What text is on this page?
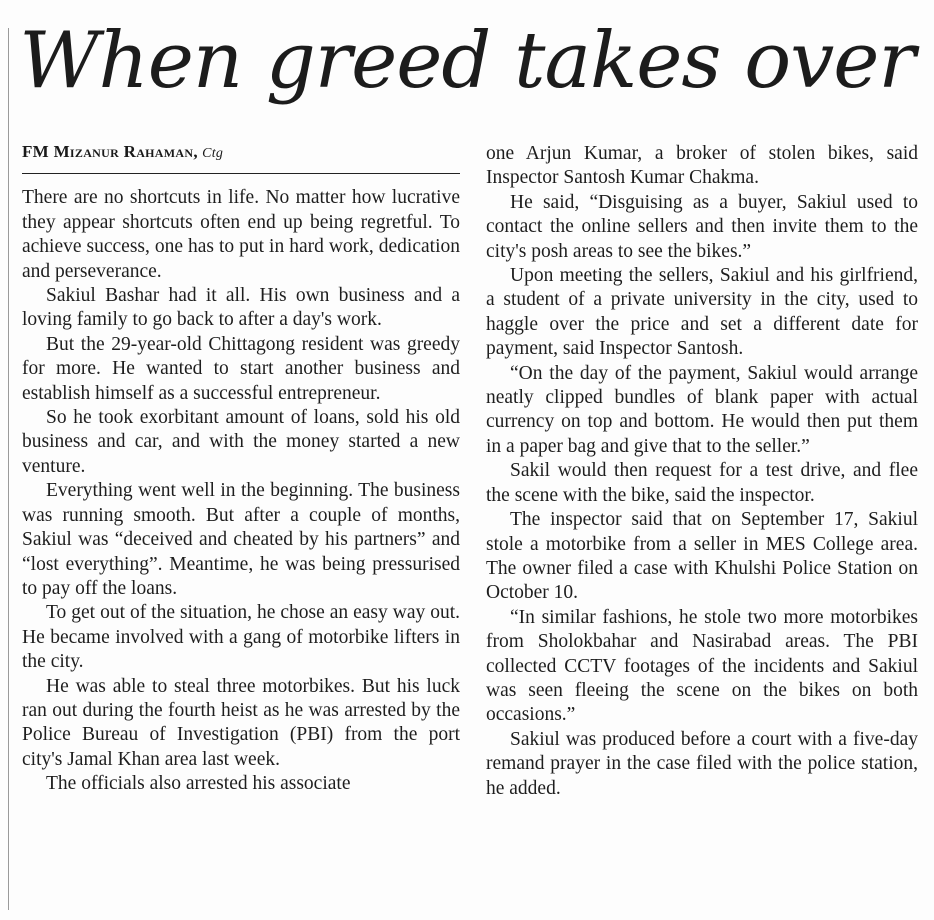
When greed takes over
FM Mizanur Rahaman, Ctg

There are no shortcuts in life. No matter how lucrative they appear shortcuts often end up being regretful. To achieve success, one has to put in hard work, dedication and perseverance.

Sakiul Bashar had it all. His own business and a loving family to go back to after a day's work.

But the 29-year-old Chittagong resident was greedy for more. He wanted to start another business and establish himself as a successful entrepreneur.

So he took exorbitant amount of loans, sold his old business and car, and with the money started a new venture.

Everything went well in the beginning. The business was running smooth. But after a couple of months, Sakiul was “deceived and cheated by his partners” and “lost everything”. Meantime, he was being pressurised to pay off the loans.

To get out of the situation, he chose an easy way out. He became involved with a gang of motorbike lifters in the city.

He was able to steal three motorbikes. But his luck ran out during the fourth heist as he was arrested by the Police Bureau of Investigation (PBI) from the port city's Jamal Khan area last week.

The officials also arrested his associate

one Arjun Kumar, a broker of stolen bikes, said Inspector Santosh Kumar Chakma.

He said, “Disguising as a buyer, Sakiul used to contact the online sellers and then invite them to the city's posh areas to see the bikes.”

Upon meeting the sellers, Sakiul and his girlfriend, a student of a private university in the city, used to haggle over the price and set a different date for payment, said Inspector Santosh.

“On the day of the payment, Sakiul would arrange neatly clipped bundles of blank paper with actual currency on top and bottom. He would then put them in a paper bag and give that to the seller.”

Sakil would then request for a test drive, and flee the scene with the bike, said the inspector.

The inspector said that on September 17, Sakiul stole a motorbike from a seller in MES College area. The owner filed a case with Khulshi Police Station on October 10.

“In similar fashions, he stole two more motorbikes from Sholokbahar and Nasirabad areas. The PBI collected CCTV footages of the incidents and Sakiul was seen fleeing the scene on the bikes on both occasions.”

Sakiul was produced before a court with a five-day remand prayer in the case filed with the police station, he added.
